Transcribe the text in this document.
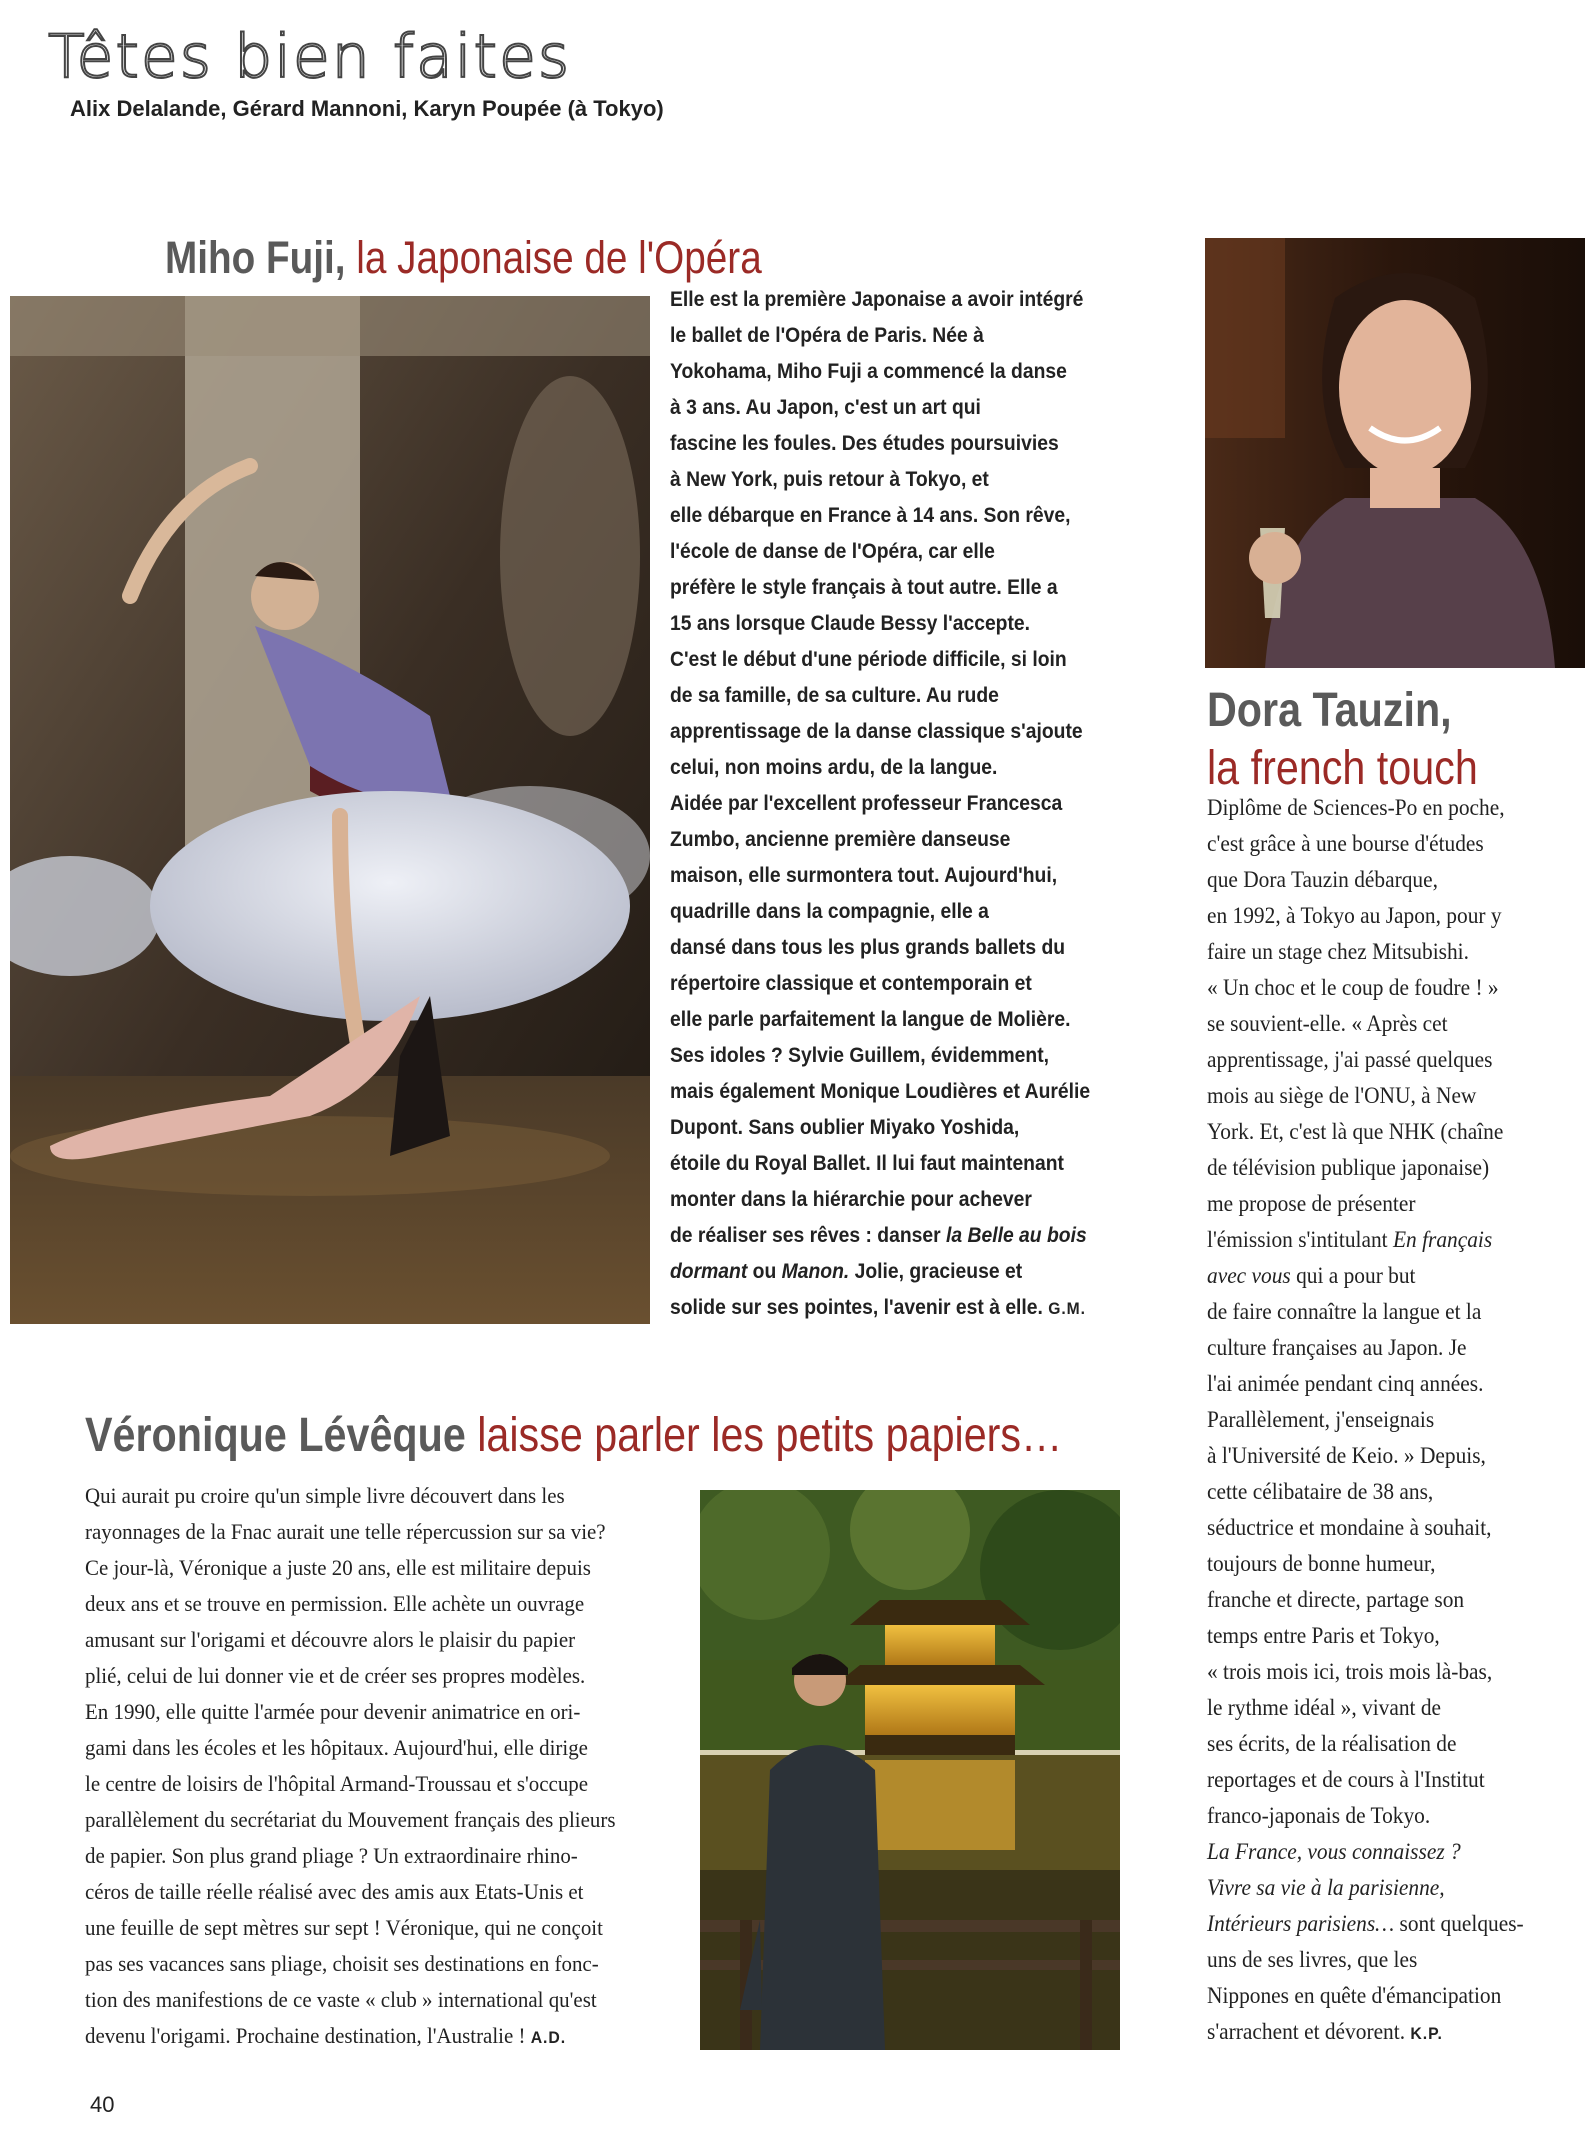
Têtes bien faites
Alix Delalande, Gérard Mannoni, Karyn Poupée (à Tokyo)
Miho Fuji, la Japonaise de l'Opéra
Elle est la première Japonaise a avoir intégré
le ballet de l'Opéra de Paris. Née à
Yokohama, Miho Fuji a commencé la danse
à 3 ans. Au Japon, c'est un art qui
fascine les foules. Des études poursuivies
à New York, puis retour à Tokyo, et
elle débarque en France à 14 ans. Son rêve,
l'école de danse de l'Opéra, car elle
préfère le style français à tout autre. Elle a
15 ans lorsque Claude Bessy l'accepte.
C'est le début d'une période difficile, si loin
de sa famille, de sa culture. Au rude
apprentissage de la danse classique s'ajoute
celui, non moins ardu, de la langue.
Aidée par l'excellent professeur Francesca
Zumbo, ancienne première danseuse
maison, elle surmontera tout. Aujourd'hui,
quadrille dans la compagnie, elle a
dansé dans tous les plus grands ballets du
répertoire classique et contemporain et
elle parle parfaitement la langue de Molière.
Ses idoles ? Sylvie Guillem, évidemment,
mais également Monique Loudières et Aurélie
Dupont. Sans oublier Miyako Yoshida,
étoile du Royal Ballet. Il lui faut maintenant
monter dans la hiérarchie pour achever
de réaliser ses rêves : danser la Belle au bois
dormant ou Manon. Jolie, gracieuse et
solide sur ses pointes, l'avenir est à elle. G.M.
Dora Tauzin,
la french touch
Diplôme de Sciences-Po en poche,
c'est grâce à une bourse d'études
que Dora Tauzin débarque,
en 1992, à Tokyo au Japon, pour y
faire un stage chez Mitsubishi.
« Un choc et le coup de foudre ! »
se souvient-elle. « Après cet
apprentissage, j'ai passé quelques
mois au siège de l'ONU, à New
York. Et, c'est là que NHK (chaîne
de télévision publique japonaise)
me propose de présenter
l'émission s'intitulant En français
avec vous qui a pour but
de faire connaître la langue et la
culture françaises au Japon. Je
l'ai animée pendant cinq années.
Parallèlement, j'enseignais
à l'Université de Keio. » Depuis,
cette célibataire de 38 ans,
séductrice et mondaine à souhait,
toujours de bonne humeur,
franche et directe, partage son
temps entre Paris et Tokyo,
« trois mois ici, trois mois là-bas,
le rythme idéal », vivant de
ses écrits, de la réalisation de
reportages et de cours à l'Institut
franco-japonais de Tokyo.
La France, vous connaissez ?
Vivre sa vie à la parisienne,
Intérieurs parisiens… sont quelques-
uns de ses livres, que les
Nippones en quête d'émancipation
s'arrachent et dévorent. K.P.
Véronique Lévêque laisse parler les petits papiers…
Qui aurait pu croire qu'un simple livre découvert dans les
rayonnages de la Fnac aurait une telle répercussion sur sa vie?
Ce jour-là, Véronique a juste 20 ans, elle est militaire depuis
deux ans et se trouve en permission. Elle achète un ouvrage
amusant sur l'origami et découvre alors le plaisir du papier
plié, celui de lui donner vie et de créer ses propres modèles.
En 1990, elle quitte l'armée pour devenir animatrice en ori-
gami dans les écoles et les hôpitaux. Aujourd'hui, elle dirige
le centre de loisirs de l'hôpital Armand-Troussau et s'occupe
parallèlement du secrétariat du Mouvement français des plieurs
de papier. Son plus grand pliage ? Un extraordinaire rhino-
céros de taille réelle réalisé avec des amis aux Etats-Unis et
une feuille de sept mètres sur sept ! Véronique, qui ne conçoit
pas ses vacances sans pliage, choisit ses destinations en fonc-
tion des manifestions de ce vaste « club » international qu'est
devenu l'origami. Prochaine destination, l'Australie ! A.D.
40
